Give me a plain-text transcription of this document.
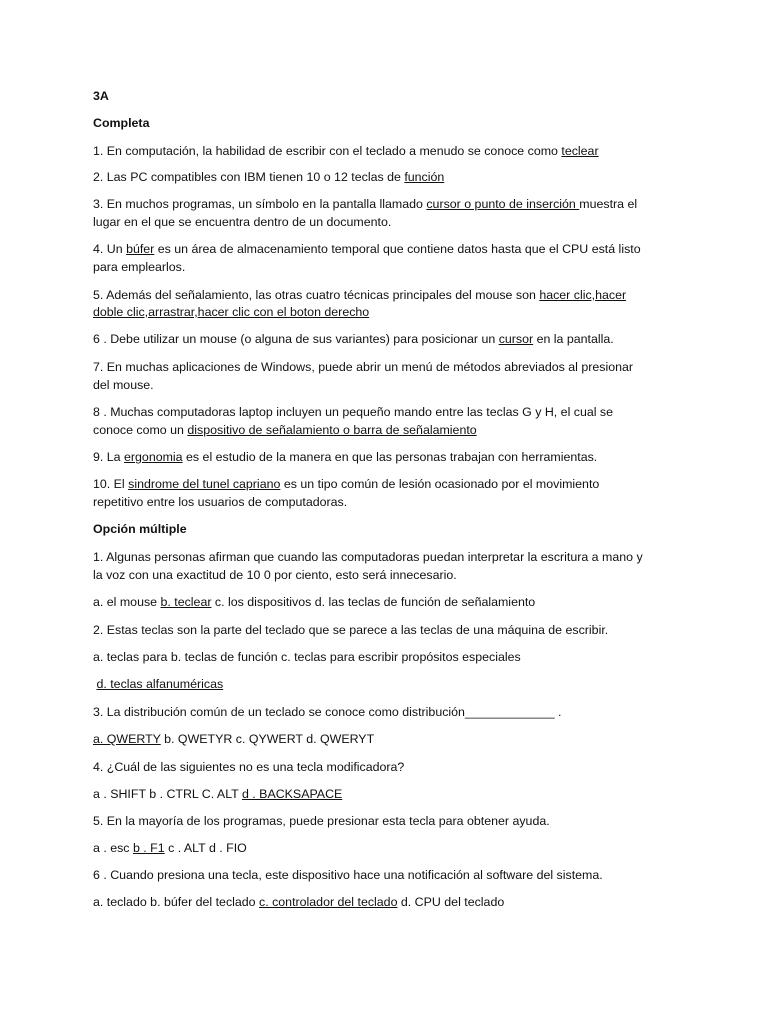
3A
Completa
1. En computación, la habilidad de escribir con el teclado a menudo se conoce como teclear
2. Las PC compatibles con IBM tienen 10 o 12 teclas de función
3. En muchos programas, un símbolo en la pantalla llamado cursor o punto de inserción muestra el
lugar en el que se encuentra dentro de un documento.
4. Un búfer es un área de almacenamiento temporal que contiene datos hasta que el CPU está listo
para emplearlos.
5. Además del señalamiento, las otras cuatro técnicas principales del mouse son hacer clic,hacer
doble clic,arrastrar,hacer clic con el boton derecho
6 . Debe utilizar un mouse (o alguna de sus variantes) para posicionar un cursor en la pantalla.
7. En muchas aplicaciones de Windows, puede abrir un menú de métodos abreviados al presionar
del mouse.
8 . Muchas computadoras laptop incluyen un pequeño mando entre las teclas G y H, el cual se
conoce como un dispositivo de señalamiento o barra de señalamiento
9. La ergonomia es el estudio de la manera en que las personas trabajan con herramientas.
10. El sindrome del tunel capriano es un tipo común de lesión ocasionado por el movimiento
repetitivo entre los usuarios de computadoras.
Opción múltiple
1. Algunas personas afirman que cuando las computadoras puedan interpretar la escritura a mano y
la voz con una exactitud de 10 0 por ciento, esto será innecesario.
a. el mouse b. teclear c. los dispositivos d. las teclas de función de señalamiento
2. Estas teclas son la parte del teclado que se parece a las teclas de una máquina de escribir.
a. teclas para b. teclas de función c. teclas para escribir propósitos especiales
d. teclas alfanuméricas
3. La distribución común de un teclado se conoce como distribución_____________ .
a. QWERTY b. QWETYR c. QYWERT d. QWERYT
4. ¿Cuál de las siguientes no es una tecla modificadora?
a . SHIFT b . CTRL C. ALT d . BACKSAPACE
5. En la mayoría de los programas, puede presionar esta tecla para obtener ayuda.
a . esc b . F1 c . ALT d . FIO
6 . Cuando presiona una tecla, este dispositivo hace una notificación al software del sistema.
a. teclado b. búfer del teclado c. controlador del teclado d. CPU del teclado
